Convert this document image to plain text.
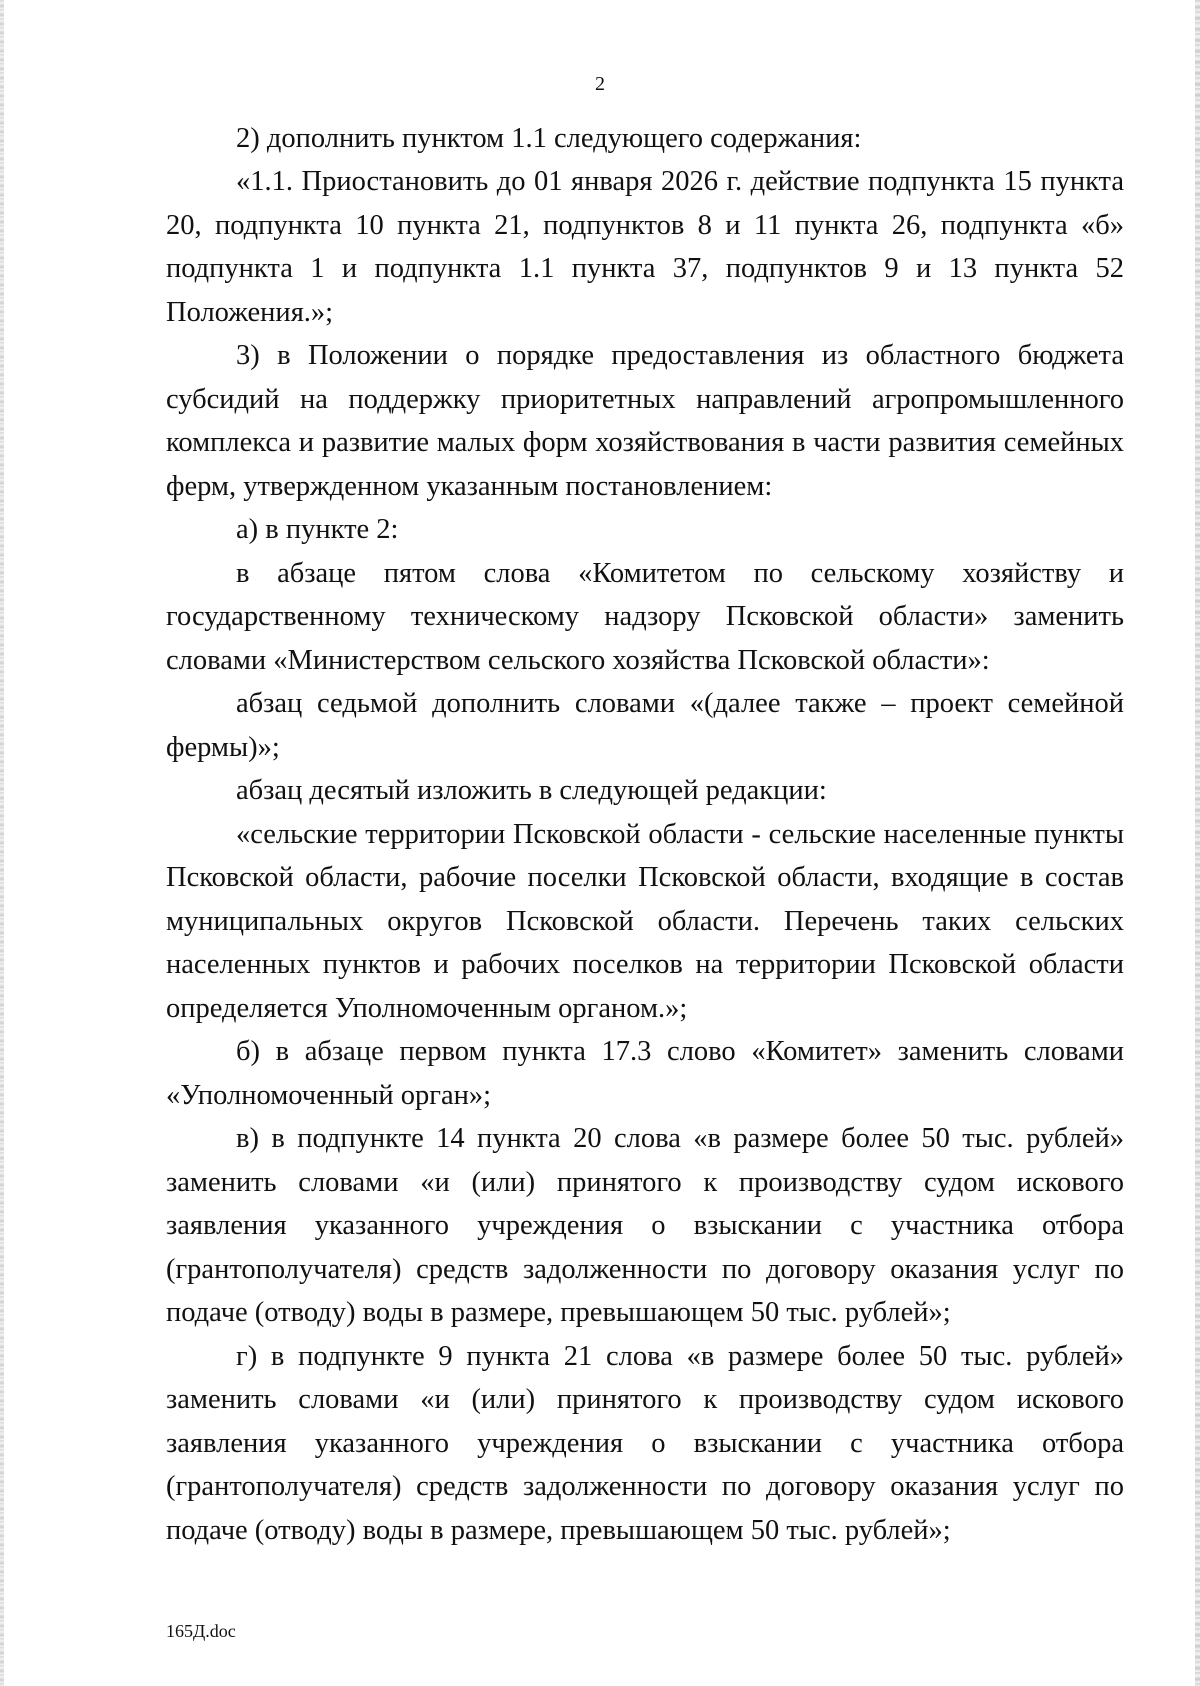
2

2) дополнить пунктом 1.1 следующего содержания:

«1.1. Приостановить до 01 января 2026 г. действие подпункта 15 пункта 20, подпункта 10 пункта 21, подпунктов 8 и 11 пункта 26, подпункта «б» подпункта 1 и подпункта 1.1 пункта 37, подпунктов 9 и 13 пункта 52 Положения.»;

3) в Положении о порядке предоставления из областного бюджета субсидий на поддержку приоритетных направлений агропромышленного комплекса и развитие малых форм хозяйствования в части развития семейных ферм, утвержденном указанным постановлением:

а) в пункте 2:

в абзаце пятом слова «Комитетом по сельскому хозяйству и государственному техническому надзору Псковской области» заменить словами «Министерством сельского хозяйства Псковской области»:

абзац седьмой дополнить словами «(далее также – проект семейной фермы)»;

абзац десятый изложить в следующей редакции:

«сельские территории Псковской области - сельские населенные пункты Псковской области, рабочие поселки Псковской области, входящие в состав муниципальных округов Псковской области. Перечень таких сельских населенных пунктов и рабочих поселков на территории Псковской области определяется Уполномоченным органом.»;

б) в абзаце первом пункта 17.3 слово «Комитет» заменить словами «Уполномоченный орган»;

в) в подпункте 14 пункта 20 слова «в размере более 50 тыс. рублей» заменить словами «и (или) принятого к производству судом искового заявления указанного учреждения о взыскании с участника отбора (грантополучателя) средств задолженности по договору оказания услуг по подаче (отводу) воды в размере, превышающем 50 тыс. рублей»;

г) в подпункте 9 пункта 21 слова «в размере более 50 тыс. рублей» заменить словами «и (или) принятого к производству судом искового заявления указанного учреждения о взыскании с участника отбора (грантополучателя) средств задолженности по договору оказания услуг по подаче (отводу) воды в размере, превышающем 50 тыс. рублей»;

165Д.doc
